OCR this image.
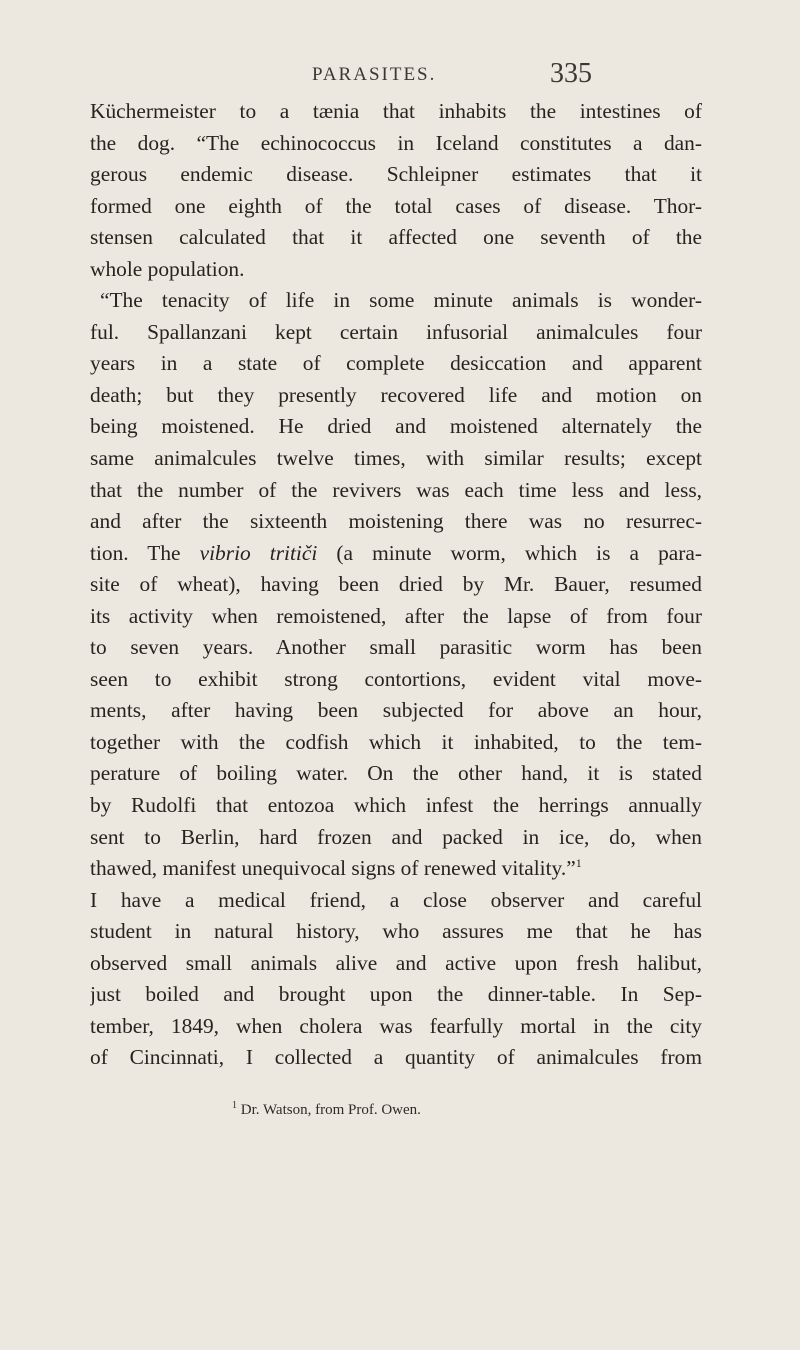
PARASITES.	335
Küchermeister to a tænia that inhabits the intestines of
the dog. “The echinococcus in Iceland constitutes a dan-
gerous endemic disease. Schleipner estimates that it
formed one eighth of the total cases of disease. Thor-
stensen calculated that it affected one seventh of the
whole population.
“The tenacity of life in some minute animals is wonder-
ful. Spallanzani kept certain infusorial animalcules four
years in a state of complete desiccation and apparent
death; but they presently recovered life and motion on
being moistened. He dried and moistened alternately the
same animalcules twelve times, with similar results; except
that the number of the revivers was each time less and less,
and after the sixteenth moistening there was no resurrec-
tion. The vibrio tritiči (a minute worm, which is a para-
site of wheat), having been dried by Mr. Bauer, resumed
its activity when remoistened, after the lapse of from four
to seven years. Another small parasitic worm has been
seen to exhibit strong contortions, evident vital move-
ments, after having been subjected for above an hour,
together with the codfish which it inhabited, to the tem-
perature of boiling water. On the other hand, it is stated
by Rudolfi that entozoa which infest the herrings annually
sent to Berlin, hard frozen and packed in ice, do, when
thawed, manifest unequivocal signs of renewed vitality.”$^1$
I have a medical friend, a close observer and careful
student in natural history, who assures me that he has
observed small animals alive and active upon fresh halibut,
just boiled and brought upon the dinner-table. In Sep-
tember, 1849, when cholera was fearfully mortal in the city
of Cincinnati, I collected a quantity of animalcules from
$^1$ Dr. Watson, from Prof. Owen.
